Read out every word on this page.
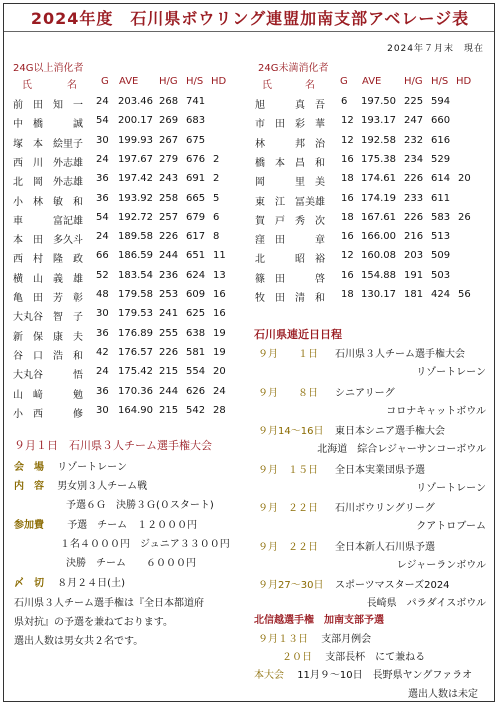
2024年度　石川県ボウリング連盟加南支部アベレージ表
2024年７月末　現在
24G以上消化者
氏	名 G AVE H/G H/S HD
前　田　知　一 24 203.46 268 741
中　橋　　　誠 54 200.17 269 683
塚　本　絵里子 30 199.93 267 675
西　川　外志雄 24 197.67 279 676 2
北　岡　外志雄 36 197.42 243 691 2
小　林　敏　和 36 193.92 258 665 5
車　　　富記雄 54 192.72 257 679 6
本　田　多久斗 24 189.58 226 617 8
西　村　隆　政 66 186.59 244 651 11
横　山　義　雄 52 183.54 236 624 13
亀　田　芳　彰 48 179.58 253 609 16
大丸谷　智　子 30 179.53 241 625 16
新　保　康　夫 36 176.89 255 638 19
谷　口　浩　和 42 176.57 226 581 19
大丸谷　　　悟 24 175.42 215 554 20
山　﨑　　　勉 36 170.36 244 626 24
小　西　　　修 30 164.90 215 542 28
24G未満消化者
氏	名	G AVE H/G H/S HD
旭　　　真　吾 6 197.50 225 594
市　田　彩　華 12 193.17 247 660
林　　　邦　治 12 192.58 232 616
橋　本　昌　和 16 175.38 234 529
岡　　　里　美 18 174.61 226 614 20
東　江　冨美雄 16 174.19 233 611
賀　戸　秀　次 18 167.61 226 583 26
窪　田　　　章 16 166.00 216 513
北　　　昭　裕 12 160.08 203 509
篠　田　　　啓 16 154.88 191 503
牧　田　清　和 18 130.17 181 424 56
石川県連近日日程
９月　　１日 石川県３人チーム選手権大会
リゾートレーン
９月　　８日 シニアリーグ
コロナキャットボウル
９月14〜16日 東日本シニア選手権大会
北海道　綜合レジャーサンコーボウル
９月　１５日 全日本実業団県予選
リゾートレーン
９月　２２日 石川ボウリングリーグ
クアトロブーム
９月　２２日 全日本新人石川県予選
レジャーランボウル
９月27〜30日 スポーツマスターズ2024
長崎県　パラダイスボウル
北信越選手権　加南支部予選
９月１３日　 支部月例会
２０日　 支部長杯　にて兼ねる
本大会　 11月９〜10日　長野県ヤングファラオ
選出人数は未定
９月１日　石川県３人チーム選手権大会
会　場　 リゾートレーン
内　容　 男女別３人チーム戦
予選６Ｇ　決勝３Ｇ(０スタート)
参加費　　 予選　チーム　１２０００円
１名４０００円　ジュニア３３００円
決勝　チーム　　６０００円
〆　切　 ８月２４日(土)
石川県３人チーム選手権は『全日本都道府
県対抗』の予選を兼ねております。
選出人数は男女共２名です。
